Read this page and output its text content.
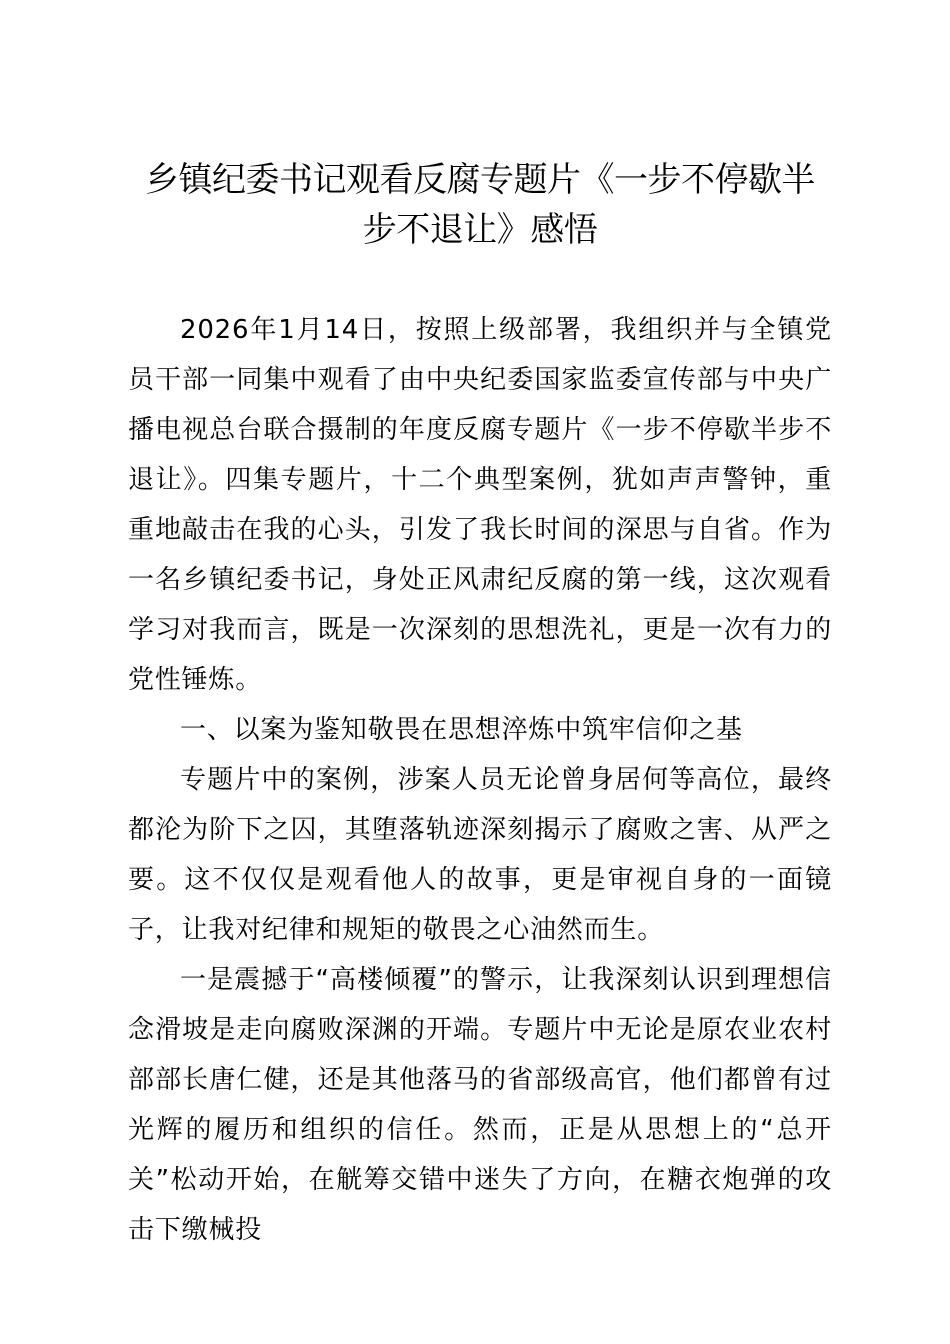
乡镇纪委书记观看反腐专题片《一步不停歇半
步不退让》感悟

2026年1月14日，按照上级部署，我组织并与全镇党员干部一同集中观看了由中央纪委国家监委宣传部与中央广播电视总台联合摄制的年度反腐专题片《一步不停歇半步不退让》。四集专题片，十二个典型案例，犹如声声警钟，重重地敲击在我的心头，引发了我长时间的深思与自省。作为一名乡镇纪委书记，身处正风肃纪反腐的第一线，这次观看学习对我而言，既是一次深刻的思想洗礼，更是一次有力的党性锤炼。

一、以案为鉴知敬畏在思想淬炼中筑牢信仰之基

专题片中的案例，涉案人员无论曾身居何等高位，最终都沦为阶下之囚，其堕落轨迹深刻揭示了腐败之害、从严之要。这不仅仅是观看他人的故事，更是审视自身的一面镜子，让我对纪律和规矩的敬畏之心油然而生。

一是震撼于“高楼倾覆”的警示，让我深刻认识到理想信念滑坡是走向腐败深渊的开端。专题片中无论是原农业农村部部长唐仁健，还是其他落马的省部级高官，他们都曾有过光辉的履历和组织的信任。然而，正是从思想上的“总开关”松动开始，在觥筹交错中迷失了方向，在糖衣炮弹的攻击下缴械投
